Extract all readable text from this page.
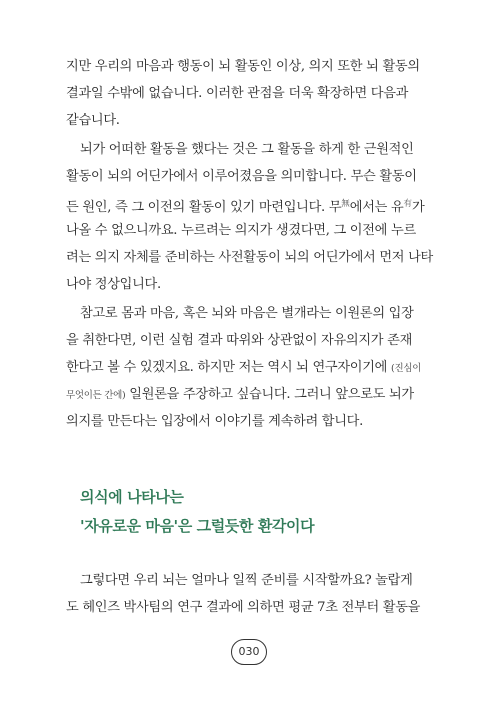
지만 우리의 마음과 행동이 뇌 활동인 이상, 의지 또한 뇌 활동의
결과일 수밖에 없습니다. 이러한 관점을 더욱 확장하면 다음과
같습니다.
뇌가 어떠한 활동을 했다는 것은 그 활동을 하게 한 근원적인
활동이 뇌의 어딘가에서 이루어졌음을 의미합니다. 무슨 활동이
든 원인, 즉 그 이전의 활동이 있기 마련입니다. 무$^無$에서는 유$^有$가
나올 수 없으니까요. 누르려는 의지가 생겼다면, 그 이전에 누르
려는 의지 자체를 준비하는 사전활동이 뇌의 어딘가에서 먼저 나타
나야 정상입니다.
참고로 몸과 마음, 혹은 뇌와 마음은 별개라는 이원론의 입장
을 취한다면, 이런 실험 결과 따위와 상관없이 자유의지가 존재
한다고 볼 수 있겠지요. 하지만 저는 역시 뇌 연구자이기에 (진심이
무엇이든 간에) 일원론을 주장하고 싶습니다. 그러니 앞으로도 뇌가
의지를 만든다는 입장에서 이야기를 계속하려 합니다.
의식에 나타나는
'자유로운 마음'은 그럴듯한 환각이다
그렇다면 우리 뇌는 얼마나 일찍 준비를 시작할까요? 놀랍게
도 헤인즈 박사팀의 연구 결과에 의하면 평균 7초 전부터 활동을
030
